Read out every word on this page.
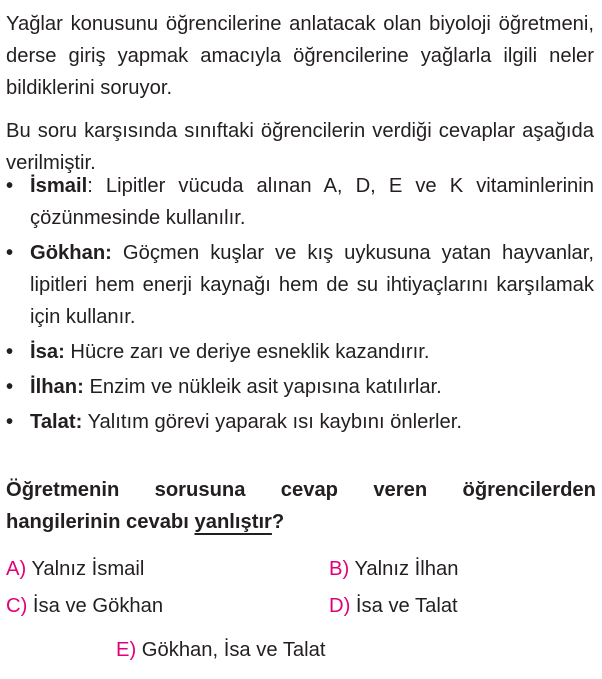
Yağlar konusunu öğrencilerine anlatacak olan biyoloji öğretmeni, derse giriş yapmak amacıyla öğrencilerine yağlarla ilgili neler bildiklerini soruyor.

Bu soru karşısında sınıftaki öğrencilerin verdiği cevaplar aşağıda verilmiştir.

• İsmail: Lipitler vücuda alınan A, D, E ve K vitaminlerinin çözünmesinde kullanılır.
• Gökhan: Göçmen kuşlar ve kış uykusuna yatan hayvanlar, lipitleri hem enerji kaynağı hem de su ihtiyaçlarını karşılamak için kullanır.
• İsa: Hücre zarı ve deriye esneklik kazandırır.
• İlhan: Enzim ve nükleik asit yapısına katılırlar.
• Talat: Yalıtım görevi yaparak ısı kaybını önlerler.

Öğretmenin sorusuna cevap veren öğrencilerden hangilerinin cevabı yanlıştır?

A) Yalnız İsmail	B) Yalnız İlhan
C) İsa ve Gökhan	D) İsa ve Talat
E) Gökhan, İsa ve Talat
